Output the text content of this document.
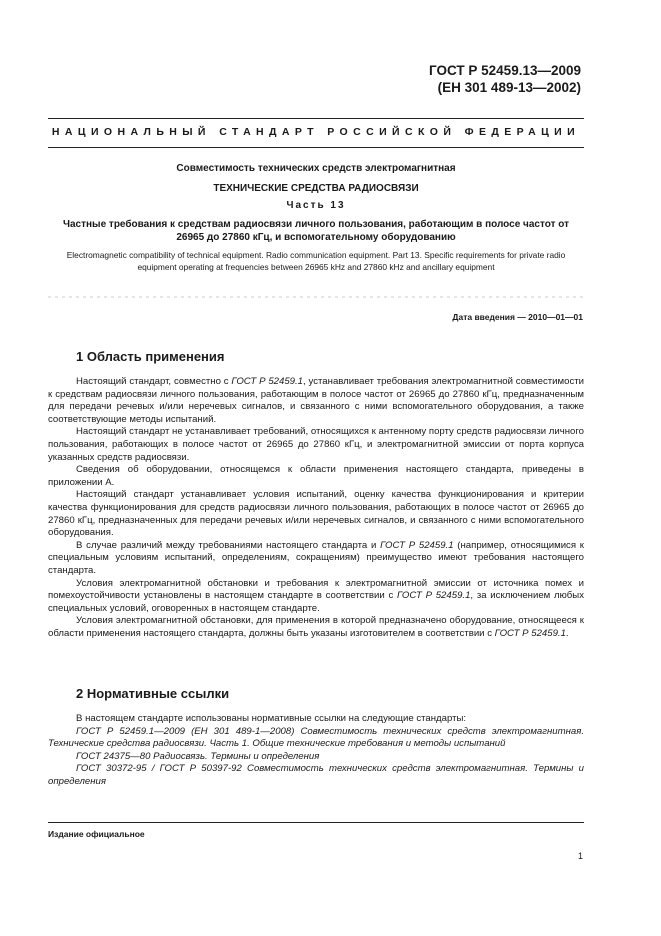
ГОСТ Р 52459.13—2009
(ЕН 301 489-13—2002)
НАЦИОНАЛЬНЫЙ СТАНДАРТ РОССИЙСКОЙ ФЕДЕРАЦИИ
Совместимость технических средств электромагнитная
ТЕХНИЧЕСКИЕ СРЕДСТВА РАДИОСВЯЗИ
Часть 13
Частные требования к средствам радиосвязи личного пользования, работающим в полосе частот от 26965 до 27860 кГц, и вспомогательному оборудованию
Electromagnetic compatibility of technical equipment. Radio communication equipment. Part 13. Specific requirements for private radio equipment operating at frequencies between 26965 kHz and 27860 kHz and ancillary equipment
Дата введения — 2010—01—01
1 Область применения

Настоящий стандарт, совместно с ГОСТ Р 52459.1, устанавливает требования электромагнитной совместимости к средствам радиосвязи личного пользования, работающим в полосе частот от 26965 до 27860 кГц, предназначенным для передачи речевых и/или неречевых сигналов, и связанного с ними вспомогательного оборудования, а также соответствующие методы испытаний.

Настоящий стандарт не устанавливает требований, относящихся к антенному порту средств радиосвязи личного пользования, работающих в полосе частот от 26965 до 27860 кГц, и электромагнитной эмиссии от порта корпуса указанных средств радиосвязи.

Сведения об оборудовании, относящемся к области применения настоящего стандарта, приведены в приложении А.

Настоящий стандарт устанавливает условия испытаний, оценку качества функционирования и критерии качества функционирования для средств радиосвязи личного пользования, работающих в полосе частот от 26965 до 27860 кГц, предназначенных для передачи речевых и/или неречевых сигналов, и связанного с ними вспомогательного оборудования.

В случае различий между требованиями настоящего стандарта и ГОСТ Р 52459.1 (например, относящимися к специальным условиям испытаний, определениям, сокращениям) преимущество имеют требования настоящего стандарта.

Условия электромагнитной обстановки и требования к электромагнитной эмиссии от источника помех и помехоустойчивости установлены в настоящем стандарте в соответствии с ГОСТ Р 52459.1, за исключением любых специальных условий, оговоренных в настоящем стандарте.

Условия электромагнитной обстановки, для применения в которой предназначено оборудование, относящееся к области применения настоящего стандарта, должны быть указаны изготовителем в соответствии с ГОСТ Р 52459.1.

2 Нормативные ссылки

В настоящем стандарте использованы нормативные ссылки на следующие стандарты:

ГОСТ Р 52459.1—2009 (ЕН 301 489-1—2008) Совместимость технических средств электромагнитная. Технические средства радиосвязи. Часть 1. Общие технические требования и методы испытаний

ГОСТ 24375—80 Радиосвязь. Термины и определения

ГОСТ 30372-95 / ГОСТ Р 50397-92 Совместимость технических средств электромагнитная. Термины и определения

Издание официальное
1
